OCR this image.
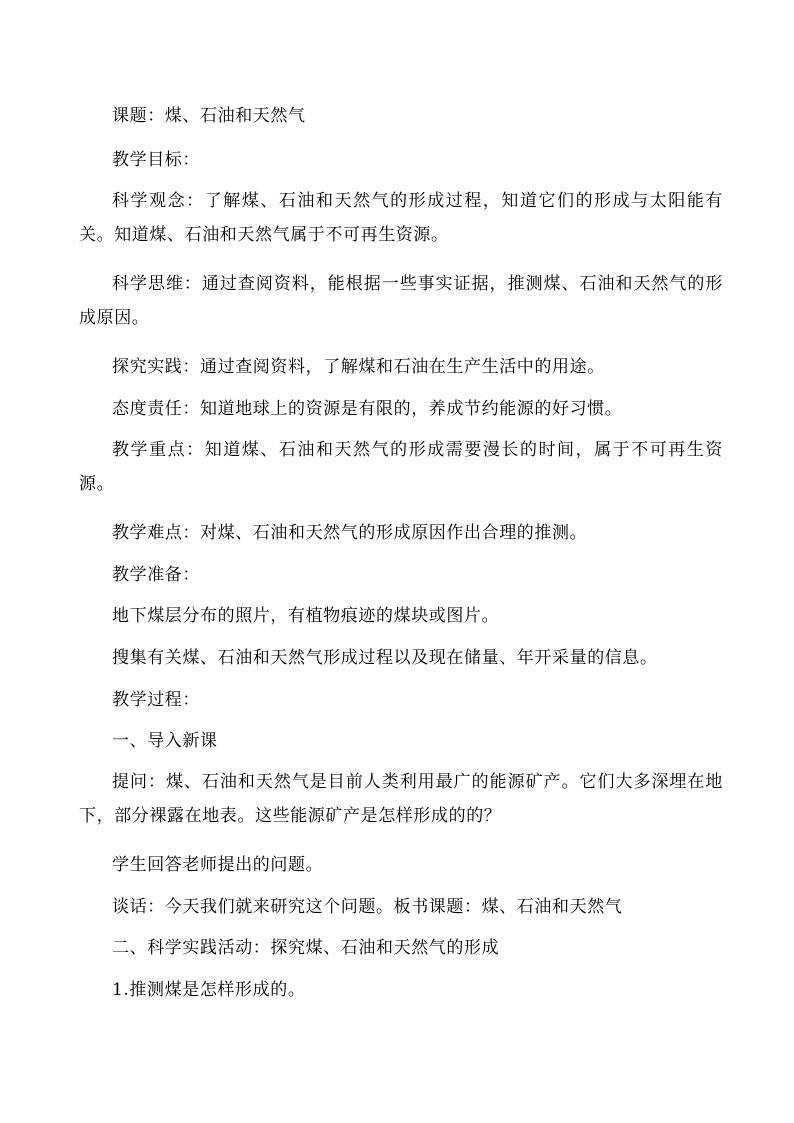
课题：煤、石油和天然气

教学目标：

科学观念：了解煤、石油和天然气的形成过程，知道它们的形成与太阳能有关。知道煤、石油和天然气属于不可再生资源。

科学思维：通过查阅资料，能根据一些事实证据，推测煤、石油和天然气的形成原因。

探究实践：通过查阅资料，了解煤和石油在生产生活中的用途。

态度责任：知道地球上的资源是有限的，养成节约能源的好习惯。

教学重点：知道煤、石油和天然气的形成需要漫长的时间，属于不可再生资源。

教学难点：对煤、石油和天然气的形成原因作出合理的推测。

教学准备：

地下煤层分布的照片，有植物痕迹的煤块或图片。

搜集有关煤、石油和天然气形成过程以及现在储量、年开采量的信息。

教学过程：

一、导入新课

提问：煤、石油和天然气是目前人类利用最广的能源矿产。它们大多深埋在地下，部分裸露在地表。这些能源矿产是怎样形成的的？

学生回答老师提出的问题。

谈话：今天我们就来研究这个问题。板书课题：煤、石油和天然气

二、科学实践活动：探究煤、石油和天然气的形成

1.推测煤是怎样形成的。
